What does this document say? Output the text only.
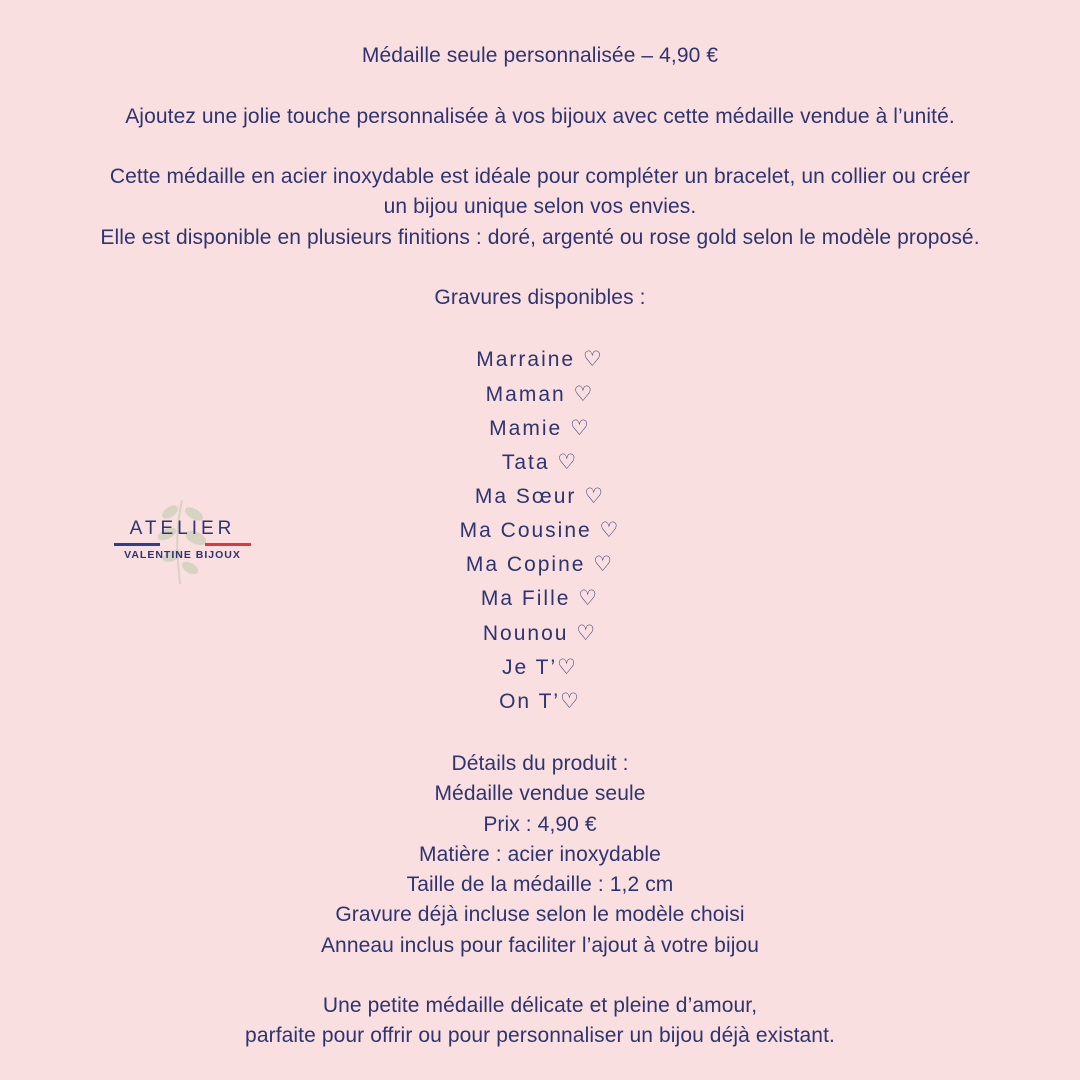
Médaille seule personnalisée – 4,90 €
Ajoutez une jolie touche personnalisée à vos bijoux avec cette médaille vendue à l’unité.
Cette médaille en acier inoxydable est idéale pour compléter un bracelet, un collier ou créer
un bijou unique selon vos envies.
Elle est disponible en plusieurs finitions : doré, argenté ou rose gold selon le modèle proposé.
Gravures disponibles :
Marraine ♡
Maman ♡
Mamie ♡
Tata ♡
Ma Sœur ♡
Ma Cousine ♡
Ma Copine ♡
Ma Fille ♡
Nounou ♡
Je T’♡
On T’♡
Détails du produit :
Médaille vendue seule
Prix : 4,90 €
Matière : acier inoxydable
Taille de la médaille : 1,2 cm
Gravure déjà incluse selon le modèle choisi
Anneau inclus pour faciliter l’ajout à votre bijou
Une petite médaille délicate et pleine d’amour,
parfaite pour offrir ou pour personnaliser un bijou déjà existant.
ATELIER
VALENTINE BIJOUX
